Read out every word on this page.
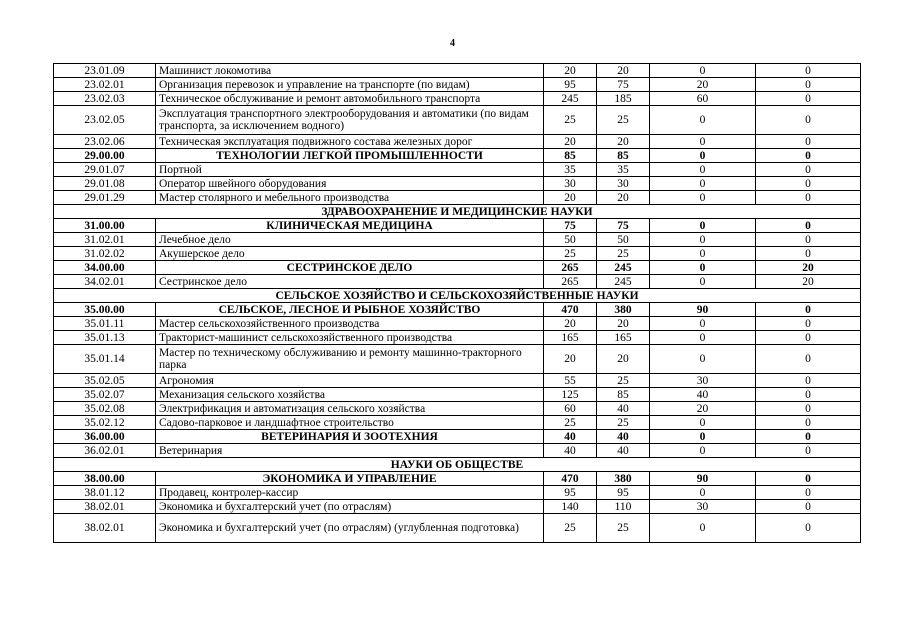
4
23.01.09	Машинист локомотива	20	20	0	0
23.02.01	Организация перевозок и управление на транспорте (по видам)	95	75	20	0
23.02.03	Техническое обслуживание и ремонт автомобильного транспорта	245	185	60	0
23.02.05	Эксплуатация транспортного электрооборудования и автоматики (по видам транспорта, за исключением водного)	25	25	0	0
23.02.06	Техническая эксплуатация подвижного состава железных дорог	20	20	0	0
29.00.00	ТЕХНОЛОГИИ ЛЕГКОЙ ПРОМЫШЛЕННОСТИ	85	85	0	0
29.01.07	Портной	35	35	0	0
29.01.08	Оператор швейного оборудования	30	30	0	0
29.01.29	Мастер столярного и мебельного производства	20	20	0	0
ЗДРАВООХРАНЕНИЕ И МЕДИЦИНСКИЕ НАУКИ					
31.00.00	КЛИНИЧЕСКАЯ МЕДИЦИНА	75	75	0	0
31.02.01	Лечебное дело	50	50	0	0
31.02.02	Акушерское дело	25	25	0	0
34.00.00	СЕСТРИНСКОЕ ДЕЛО	265	245	0	20
34.02.01	Сестринское дело	265	245	0	20
СЕЛЬСКОЕ ХОЗЯЙСТВО И СЕЛЬСКОХОЗЯЙСТВЕННЫЕ НАУКИ					
35.00.00	СЕЛЬСКОЕ, ЛЕСНОЕ И РЫБНОЕ ХОЗЯЙСТВО	470	380	90	0
35.01.11	Мастер сельскохозяйственного производства	20	20	0	0
35.01.13	Тракторист-машинист сельскохозяйственного производства	165	165	0	0
35.01.14	Мастер по техническому обслуживанию и ремонту машинно-тракторного парка	20	20	0	0
35.02.05	Агрономия	55	25	30	0
35.02.07	Механизация сельского хозяйства	125	85	40	0
35.02.08	Электрификация и автоматизация сельского хозяйства	60	40	20	0
35.02.12	Садово-парковое и ландшафтное строительство	25	25	0	0
36.00.00	ВЕТЕРИНАРИЯ И ЗООТЕХНИЯ	40	40	0	0
36.02.01	Ветеринария	40	40	0	0
НАУКИ ОБ ОБЩЕСТВЕ					
38.00.00	ЭКОНОМИКА И УПРАВЛЕНИЕ	470	380	90	0
38.01.12	Продавец, контролер-кассир	95	95	0	0
38.02.01	Экономика и бухгалтерский учет (по отраслям)	140	110	30	0
38.02.01	Экономика и бухгалтерский учет (по отраслям) (углубленная подготовка)	25	25	0	0
